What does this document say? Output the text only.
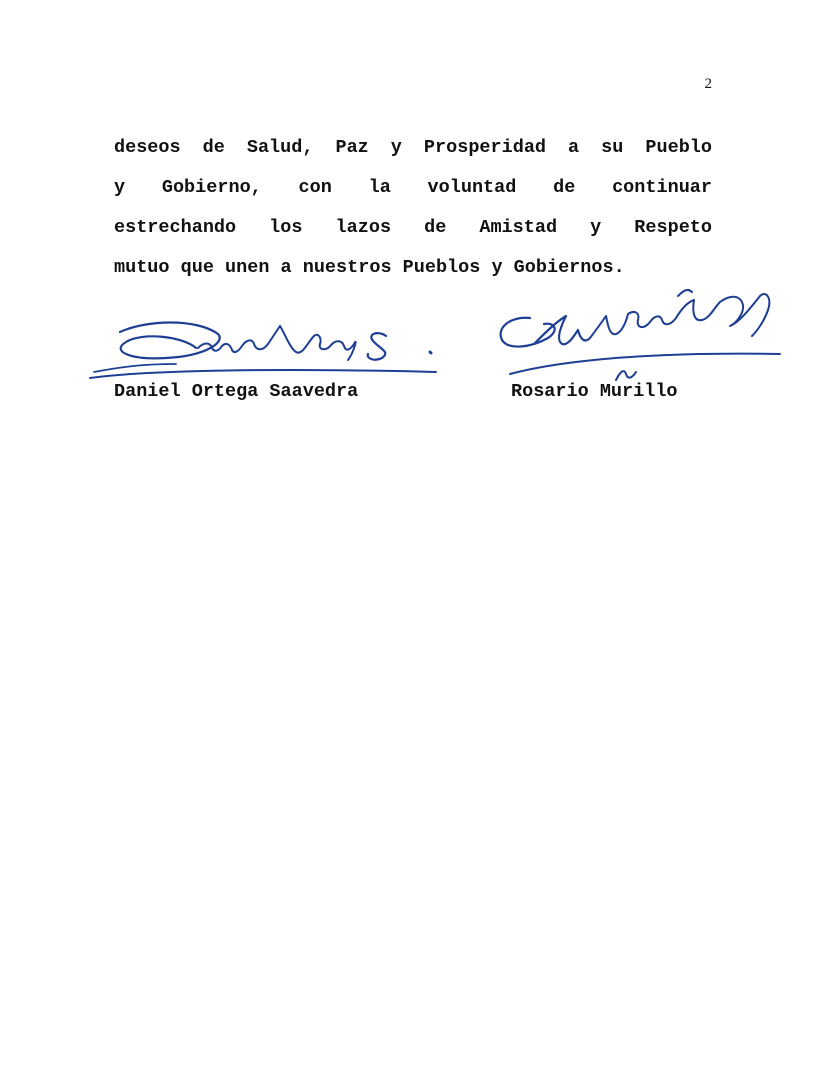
2
deseos de Salud, Paz y Prosperidad a su Pueblo
y Gobierno, con la voluntad de continuar
estrechando los lazos de Amistad y Respeto
mutuo que unen a nuestros Pueblos y Gobiernos.
Daniel Ortega Saavedra	Rosario Murillo
